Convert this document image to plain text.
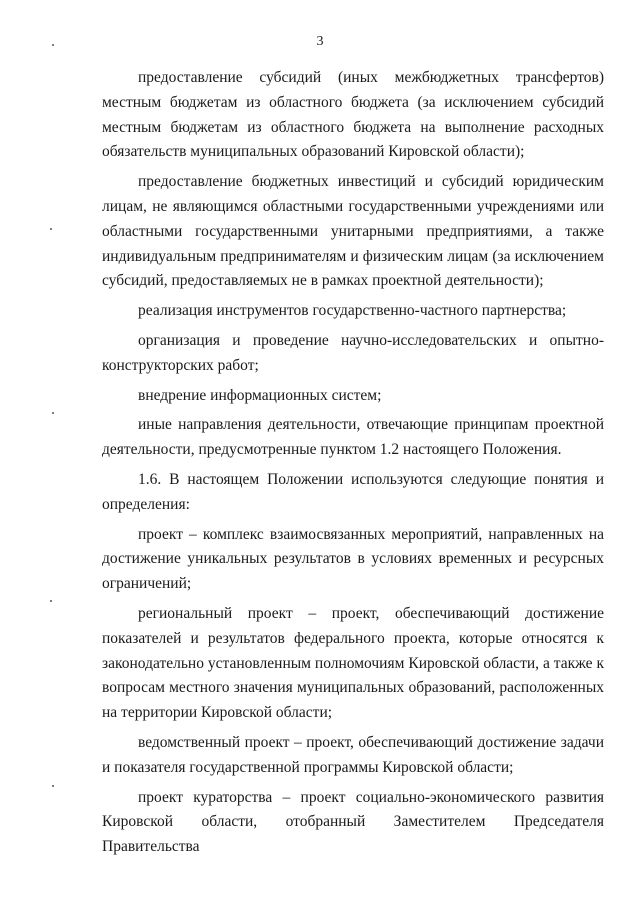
3

предоставление субсидий (иных межбюджетных трансфертов) местным бюджетам из областного бюджета (за исключением субсидий местным бюджетам из областного бюджета на выполнение расходных обязательств муниципальных образований Кировской области);

предоставление бюджетных инвестиций и субсидий юридическим лицам, не являющимся областными государственными учреждениями или областными государственными унитарными предприятиями, а также индивидуальным предпринимателям и физическим лицам (за исключением субсидий, предоставляемых не в рамках проектной деятельности);

реализация инструментов государственно-частного партнерства;

организация и проведение научно-исследовательских и опытно-конструкторских работ;

внедрение информационных систем;

иные направления деятельности, отвечающие принципам проектной деятельности, предусмотренные пунктом 1.2 настоящего Положения.

1.6. В настоящем Положении используются следующие понятия и определения:

проект – комплекс взаимосвязанных мероприятий, направленных на достижение уникальных результатов в условиях временных и ресурсных ограничений;

региональный проект – проект, обеспечивающий достижение показателей и результатов федерального проекта, которые относятся к законодательно установленным полномочиям Кировской области, а также к вопросам местного значения муниципальных образований, расположенных на территории Кировской области;

ведомственный проект – проект, обеспечивающий достижение задачи и показателя государственной программы Кировской области;

проект кураторства – проект социально-экономического развития Кировской области, отобранный Заместителем Председателя Правительства
